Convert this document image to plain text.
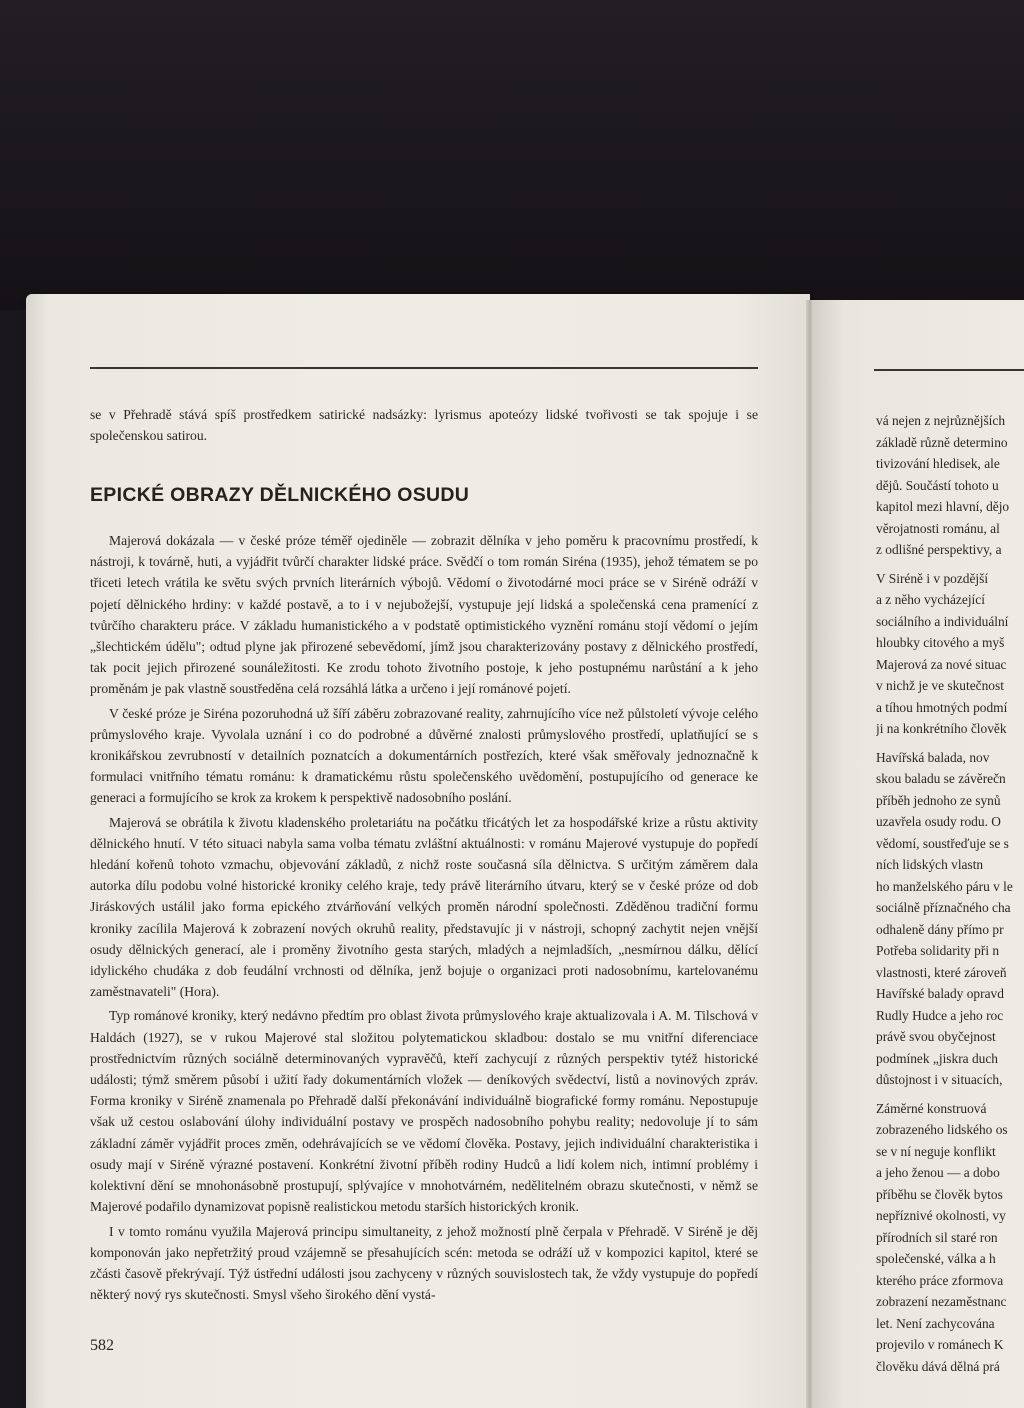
se v Přehradě stává spíš prostředkem satirické nadsázky: lyrismus apoteózy lidské tvořivosti se tak spojuje i se společenskou satirou.

EPICKÉ OBRAZY DĚLNICKÉHO OSUDU

Majerová dokázala — v české próze téměř ojediněle — zobrazit dělníka v jeho poměru k pracovnímu prostředí, k nástroji, k továrně, huti, a vyjádřit tvůrčí charakter lidské práce. Svědčí o tom román Siréna (1935), jehož tématem se po třiceti letech vrátila ke světu svých prvních literárních výbojů. Vědomí o životodárné moci práce se v Siréně odráží v pojetí dělnického hrdiny: v každé postavě, a to i v nejubožejší, vystupuje její lidská a společenská cena pramenící z tvůrčího charakteru práce. V základu humanistického a v podstatě optimistického vyznění románu stojí vědomí o jejím „šlechtickém údělu"; odtud plyne jak přirozené sebevědomí, jímž jsou charakterizovány postavy z dělnického prostředí, tak pocit jejich přirozené sounáležitosti. Ke zrodu tohoto životního postoje, k jeho postupnému narůstání a k jeho proměnám je pak vlastně soustředěna celá rozsáhlá látka a určeno i její románové pojetí.

V české próze je Siréna pozoruhodná už šíří záběru zobrazované reality, zahrnujícího více než půlstoletí vývoje celého průmyslového kraje. Vyvolala uznání i co do podrobné a důvěrné znalosti průmyslového prostředí, uplatňující se s kronikářskou zevrubností v detailních poznatcích a dokumentárních postřezích, které však směřovaly jednoznačně k formulaci vnitřního tématu románu: k dramatickému růstu společenského uvědomění, postupujícího od generace ke generaci a formujícího se krok za krokem k perspektivě nadosobního poslání.

Majerová se obrátila k životu kladenského proletariátu na počátku třicátých let za hospodářské krize a růstu aktivity dělnického hnutí. V této situaci nabyla sama volba tématu zvláštní aktuálnosti: v románu Majerové vystupuje do popředí hledání kořenů tohoto vzmachu, objevování základů, z nichž roste současná síla dělnictva. S určitým záměrem dala autorka dílu podobu volné historické kroniky celého kraje, tedy právě literárního útvaru, který se v české próze od dob Jiráskových ustálil jako forma epického ztvárňování velkých proměn národní společnosti. Zděděnou tradiční formu kroniky zacílila Majerová k zobrazení nových okruhů reality, představujíc ji v nástroji, schopný zachytit nejen vnější osudy dělnických generací, ale i proměny životního gesta starých, mladých a nejmladších, „nesmírnou dálku, dělící idylického chudáka z dob feudální vrchnosti od dělníka, jenž bojuje o organizaci proti nadosobnímu, kartelovanému zaměstnavateli" (Hora).

Typ románové kroniky, který nedávno předtím pro oblast života průmyslového kraje aktualizovala i A. M. Tilschová v Haldách (1927), se v rukou Majerové stal složitou polytematickou skladbou: dostalo se mu vnitřní diferenciace prostřednictvím různých sociálně determinovaných vypravěčů, kteří zachycují z různých perspektiv tytéž historické události; týmž směrem působí i užití řady dokumentárních vložek — deníkových svědectví, listů a novinových zpráv. Forma kroniky v Siréně znamenala po Přehradě další překonávání individuálně biografické formy románu. Nepostupuje však už cestou oslabování úlohy individuální postavy ve prospěch nadosobního pohybu reality; nedovoluje jí to sám základní záměr vyjádřit proces změn, odehrávajících se ve vědomí člověka. Postavy, jejich individuální charakteristika i osudy mají v Siréně výrazné postavení. Konkrétní životní příběh rodiny Hudců a lidí kolem nich, intimní problémy i kolektivní dění se mnohonásobně prostupují, splývajíce v mnohotvárném, nedělitelném obrazu skutečnosti, v němž se Majerové podařilo dynamizovat popisně realistickou metodu starších historických kronik.

I v tomto románu využila Majerová principu simultaneity, z jehož možností plně čerpala v Přehradě. V Siréně je děj komponován jako nepřetržitý proud vzájemně se přesahujících scén: metoda se odráží už v kompozici kapitol, které se zčásti časově překrývají. Týž ústřední události jsou zachyceny v různých souvislostech tak, že vždy vystupuje do popředí některý nový rys skutečnosti. Smysl všeho širokého dění vystá-

582
vá nejen z nejrůznějších
základě různě determino
tivizování hledisek, ale
dějů. Součástí tohoto u
kapitol mezi hlavní, dějo
věrojatnosti románu, al
z odlišné perspektivy, a
V Siréně i v pozdější
a z něho vycházející
sociálního a individuální
hloubky citového a myš
Majerová za nové situac
v nichž je ve skutečnost
a tíhou hmotných podmí
ji na konkrétního člověk
Havířská balada, nov
skou baladu se závěrečn
příběh jednoho ze synů
uzavřela osudy rodu. O
vědomí, soustřeďuje se s
ních lidských vlastn
ho manželského páru v le
sociálně příznačného cha
odhaleně dány přímo pr
Potřeba solidarity při n
vlastnosti, které zároveň
Havířské balady opravd
Rudly Hudce a jeho roc
právě svou obyčejnost
podmínek „jiskra duch
důstojnost i v situacích,
Záměrné konstruová
zobrazeného lidského os
se v ní neguje konflikt
a jeho ženou — a dobo
příběhu se člověk bytos
nepříznivé okolnosti, vy
přírodních sil staré ron
společenské, válka a h
kterého práce zformova
zobrazení nezaměstnanc
let. Není zachycována
projevilo v románech K
člověku dává dělná prá
